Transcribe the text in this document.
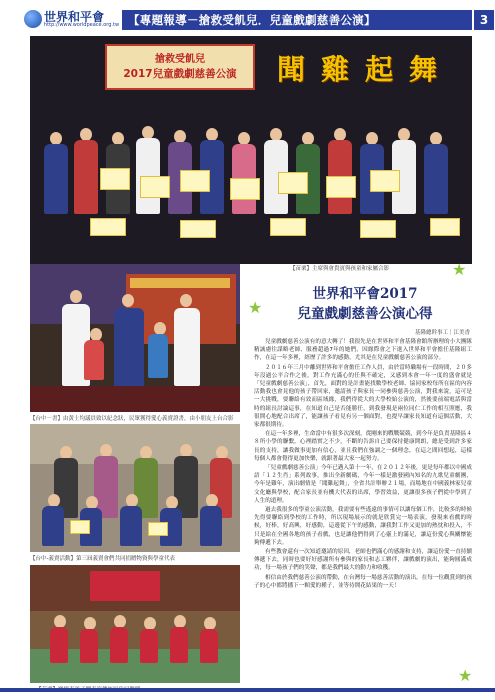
世界和平會
http://www.worldpeace.org.tw 【專題報導－搶救受飢兒．兒童戲劇慈善公演】	3
搶救受飢兒
2017兒童戲劇慈善公演	聞 雞 起 舞
【苗栗】主席與會貴賓與孩童和家屬合影	★
【台中－書】由黃士均議員致以紀念狀，民眾獲得愛心義賣證書，由小朋友上台合影
【台中-義賣活動】第三屆義賣會們共同捐贈物資與學童代表
★
世界和平會2017
兒童戲劇慈善公演心得
基隆總幹事工｜江美香

兒童戲劇慈善公演有的意大轉了！我很先是在世界和平會基隆會館所辦理的小大團隊精誠慮往謀略老師、服務超過7年的她們，因緣際會之下進入世界和平會擔任基隆組工作，在這一年多裡，經歷了許多的感動，尤其是在兒童戲劇慈善公演的部分。

２０１６年三月中離到世界和平會擔任工作人員，由於當時職場有一段時間，２０多年沒過公平合作之後，對工作充滿心的任與不確定，又感到本會一年一度的盛會就是「兒童戲劇慈善公演」，首先，面對的是計畫能找數學校老師、協同家校每所在區的內容活動我也會見他的孩子帶回家，邀請孩子與家長一同參與慈善公演，對我來說，這可是一大挑戰，要聯絡有效而區域緣，我們得從大的大學校始公演的，然後要前端電話與當時的組長討論這事，在知道自己是否能勝任，到我發現是兩位同仁工作的相互照應，我很開心地配合出席了，能讓孩子看見有另一個面對，也提早讓家長知道有這個活動，大家都很期待。

在這一年多裡，生命當中有很多次深刻，從剛來的戰戰兢兢，到今年是負責基隆區４８所小學的聯繫，心裡踏實之不少，不斷的告訴自己要保持健康開朗，總是受到許多家長的支持，讓我做事更加有信心，並且我們在強調之一個理念，在這之間回想起，這樣每個人都會覺得更加快樂，就跟著最大家一起努力。

「兒童戲劇慈善公演」今年已邁入第十一年，在２０１２年後，更是每年都以中國成語「１２生肖」系列故事，推出全新劇碼，今年一樣是激發國內知名的九歌兒童劇團，今年是雞年，演出劇情是「聞雞起舞」，全省共計舉辦２１場，而場地在中國義林家兒童文化廳與學校，配合家長並有機大代表的出席，學習效益，更讓很多孩子們從中學到了人生的道理。

過去我很多的學童公演活動，我需要有些遙遠的事情可以讓每個工作，比較多的時候先得要聯絡到學校的工作時，所以現場展示的就是欣賞完一場表演，發現來看戲的時候，好棒，好高興，好感動，這邊從下午的感動，讓我對工作又更加的熱忱和投入，不只是給在全國各地的孩子看戲，也是讓他們得到了心靈上的滿足，讓這份愛心與關懷能夠傳遞下去。

有些教會還有一次知道邀請的原因，老師也們滿心的感謝和支持，讓這份愛一直持續傳遞下去，同時也要好好感謝所有參與的家長和志工夥伴，讓戲劇的演出，能夠圓滿成功，每一場孩子們的笑聲，都是我們最大的動力和收穫。

相信由於我們慈善公演的帶動，在台灣每一場慈善活動的演出，在每一位觀賞到的孩子的心中都將播下一顆愛的種子，並等待開花結果的一天！

★
